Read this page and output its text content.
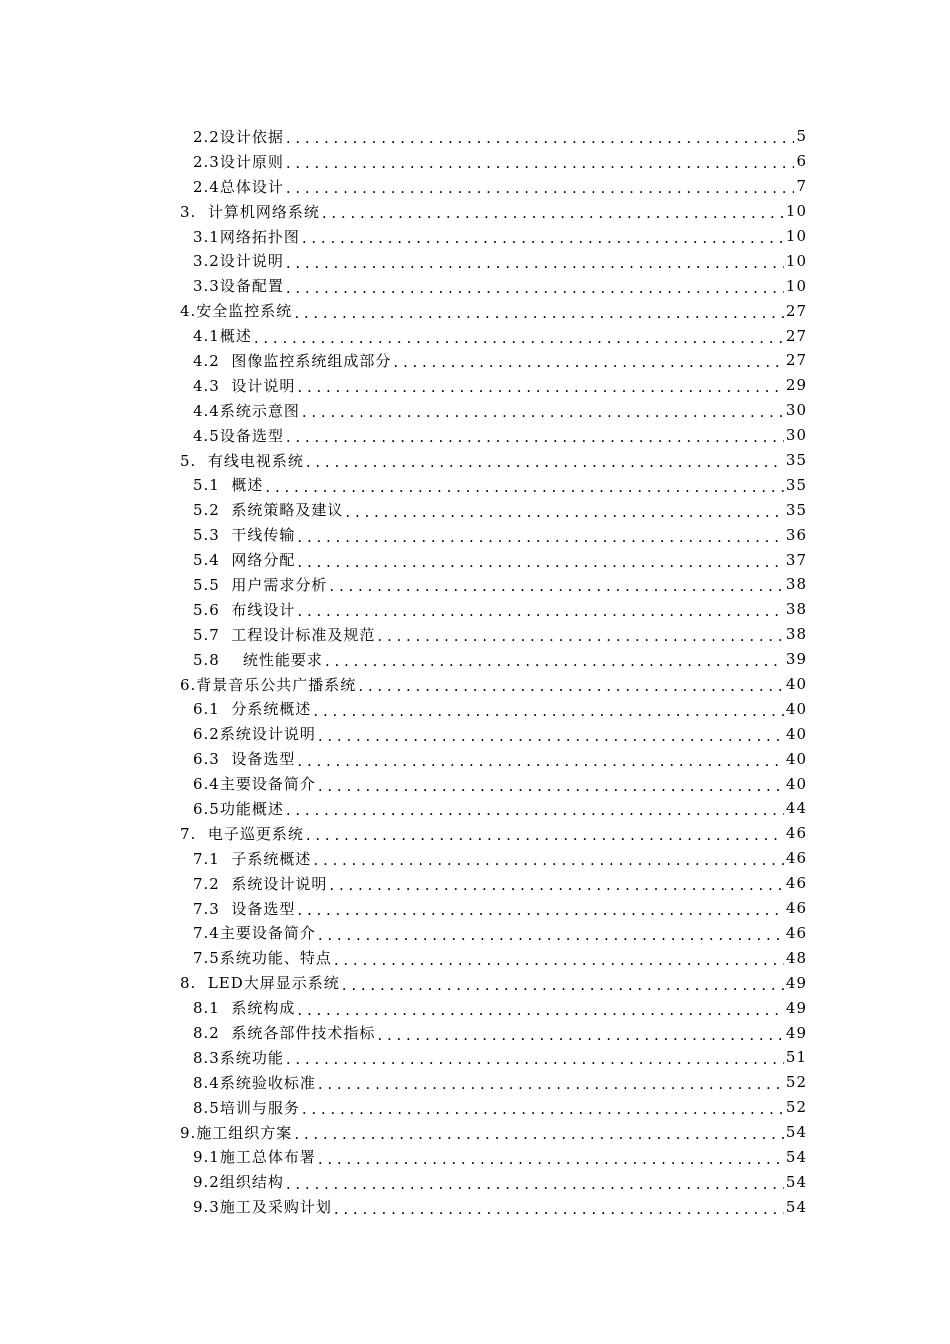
2.2设计依据 . . .	5
2.3设计原则 . . .	6
2.4总体设计 . . .	7
3.  计算机网络系统 . . .	10
3.1网络拓扑图 . . .	10
3.2设计说明 . . .	10
3.3设备配置 . . .	10
4.安全监控系统 . . .	27
4.1概述 . . .	27
4.2  图像监控系统组成部分 . . .	27
4.3  设计说明 . . .	29
4.4系统示意图 . . .	30
4.5设备选型 . . .	30
5.  有线电视系统 . . .	35
5.1  概述 . . .	35
5.2  系统策略及建议 . . .	35
5.3  干线传输 . . .	36
5.4  网络分配 . . .	37
5.5  用户需求分析 . . .	38
5.6  布线设计 . . .	38
5.7  工程设计标准及规范 . . .	38
5.8    统性能要求 . . .	39
6.背景音乐公共广播系统 . . .	40
6.1  分系统概述 . . .	40
6.2系统设计说明 . . .	40
6.3  设备选型 . . .	40
6.4主要设备简介 . . .	40
6.5功能概述 . . .	44
7.  电子巡更系统 . . .	46
7.1  子系统概述 . . .	46
7.2  系统设计说明 . . .	46
7.3  设备选型 . . .	46
7.4主要设备简介 . . .	46
7.5系统功能、特点 . . .	48
8.  LED大屏显示系统 . . .	49
8.1  系统构成 . . .	49
8.2  系统各部件技术指标 . . .	49
8.3系统功能 . . .	51
8.4系统验收标准 . . .	52
8.5培训与服务 . . .	52
9.施工组织方案 . . .	54
9.1施工总体布署 . . .	54
9.2组织结构 . . .	54
9.3施工及采购计划 . . .	54
